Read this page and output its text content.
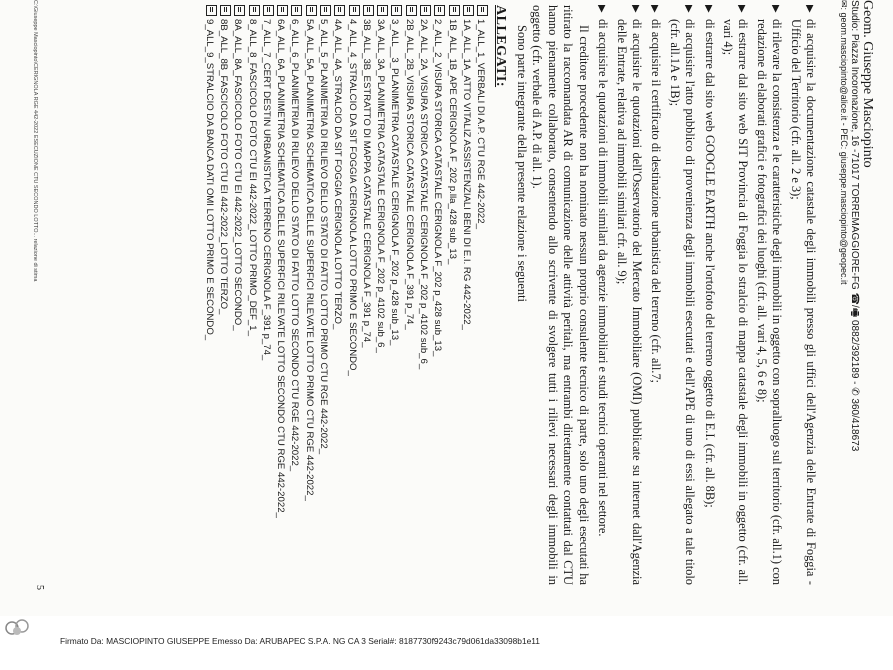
Geom. Giuseppe Masciopinto
Studio: Piazza Incoronazione, 16 -71017 TORREMAGGIORE-FG ☎/🖷 0882/392189 - ✆ 360/418673
✉: geom.masciopinto@alice.it - PEC: giuseppe.masciopinto@geopec.it
▶
di acquisire la documentazione catastale degli immobili presso gli uffici dell'Agenzia delle Entrate di Foggia - Ufficio del Territorio (cfr. all. 2 e 3);
▶
di rilevare la consistenza e le caratteristiche degli immobili in oggetto con sopralluogo sul territorio (cfr. all.1) con redazione di elaborati grafici e fotografici dei luoghi (cfr. all. vari 4, 5, 6 e 8);
▶
di estrarre dal sito web SIT Provincia di Foggia lo stralcio di mappa catastale degli immobili in oggetto (cfr. all. vari 4);
▶
di estrarre dal sito web GOOGLE EARTH anche l'ortofoto del terreno oggetto di E.I. (cfr. all. 8B);
▶
di acquisire l'atto pubblico di provenienza degli immobili esecutati e dell'APE di uno di essi allegato a tale titolo (cfr. all.1A e 1B);
▶
di acquisire il certificato di destinazione urbanistica del terreno (cfr. all.7;
▶
di acquisire le quotazioni dell'Osservatorio del Mercato Immobiliare (OMI) pubblicate su internet dall'Agenzia delle Entrate, relativa ad immobili similari cfr. all. 9);
▶
di acquisire le quotazioni di immobili similari da agenzie immobiliari e studi tecnici operanti nel settore.

Il creditore procedente non ha nominato nessun proprio consulente tecnico di parte, solo uno degli esecutati ha ritirato la raccomandata AR di comunicazione delle attività peritali, ma entrambi direttamente contattati dal CTU hanno pienamente collaborato, consentendo allo scrivente di svolgere tutti i rilievi necessari degli immobili in oggetto (cfr. verbale di A.P. di all. 1).

Sono parte integrante della presente relazione i seguenti

ALLEGATI:
1_ALL_1_VERBALI DI A.P. CTU RGE 442-2022_
1A_ALL_1A_ATTO VITALIZ ASSISTENZIALI BENI DI E.I. RG 442-2022_
1B_ALL_1B_APE CERIGNOLA F_202 p.lla_428 sub_13_
2_ALL_2_VISURA STORICA CATASTALE CERIGNOLA F_202 p_428 sub_13_
2A_ALL_2A_VISURA STORICA CATASTALE CERIGNOLA F_202 p_4102 sub_6_
2B_ALL_2B_VISURA STORICA CATASTALE CERIGNOLA F_391 p_74_
3_ALL__3_PLANIMETRIA CATASTALE CERIGNOLA F_202 p_428 sub_13_
3A_ALL_3A_PLANIMETRIA CATASTALE CERIGNOLA F_202 p_4102 sub_6_
3B_ALL_3B_ESTRATTO DI MAPPA CATASTALE CERIGNOLA F_391 p_74_
4_ALL_4_STRALCIO DA SIT FOGGIA CERIGNOLA LOTTO PRIMO E SECONDO_
4A_ALL_4A_STRALCIO DA SIT FOGGIA CERIGNOLA LOTTO TERZO_
5_ALL_5_PLANIMETRIA DI RILIEVO DELLO STATO DI FATTO LOTTO PRIMO CTU RGE 442-2022_
5A_ALL_5A_PLANIMETRIA SCHEMATICA DELLE SUPERFICI RILEVATE LOTTO PRIMO CTU RGE 442-2022_
6_ALL_6_PLANIMETRIA DI RILIEVO DELLO STATO DI FATTO LOTTO SECONDO CTU RGE 442-2022_
6A_ALL_6A_PLANIMETRIA SCHEMATICA DELLE SUPERFICI RILEVATE LOTTO SECONDO CTU RGE 442-2022_
7_ALL_7_CERT DESTIN URBANISTICA TERRENO CERIGNOLA F_391 p_74_
8_ALL_8_FASCICOLO FOTO CTU EI 442-2022_LOTTO PRIMO_DEF_1_
8A_ALL_8A_FASCICOLO FOTO CTU EI 442-2022_LOTTO SECONDO_
8B_ALL_8B_FASCICOLO FOTO CTU EI 442-2022_LOTTO TERZO_
9_ALL_9_STRALCIO DA BANCA DATI OMI LOTTO PRIMO E SECONDO_
C:\Giuseppe Masciopinto\CERIGNOLA RGE 442-2022 ESECUZIONE CTU SECONDO LOTTO... relazione di stima
5
Firmato Da: MASCIOPINTO GIUSEPPE Emesso Da: ARUBAPEC S.P.A. NG CA 3 Serial#: 8187730f9243c79d061da33098b1e11
